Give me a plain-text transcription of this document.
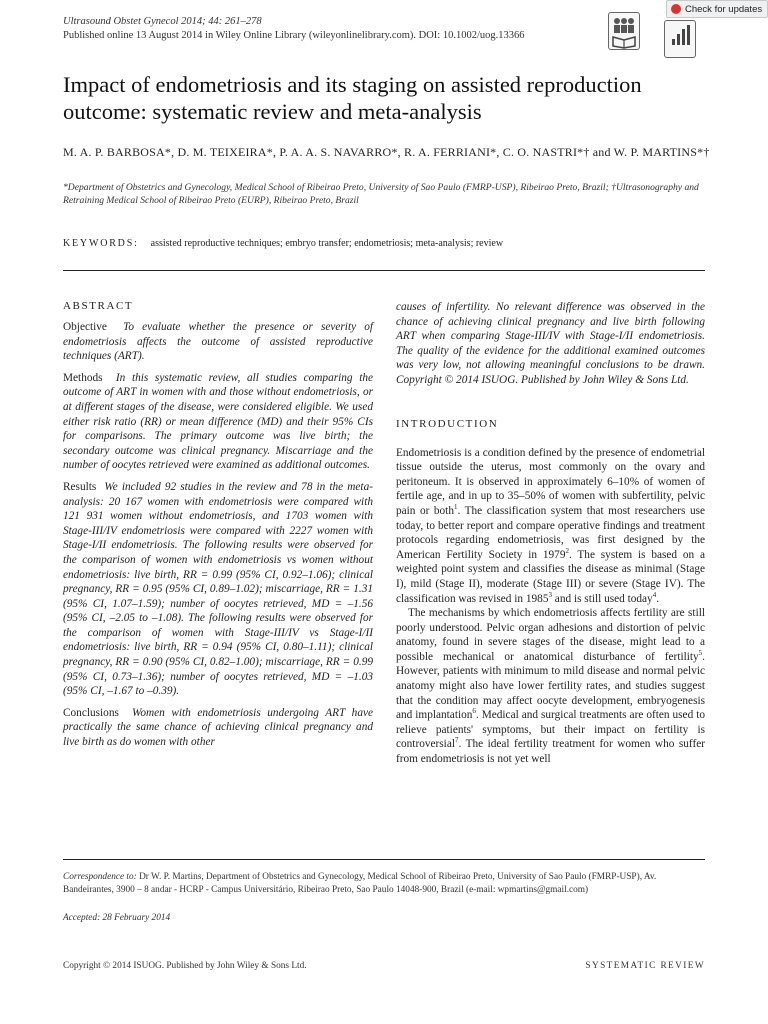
Ultrasound Obstet Gynecol 2014; 44: 261–278
Published online 13 August 2014 in Wiley Online Library (wileyonlinelibrary.com). DOI: 10.1002/uog.13366
Check for updates
Impact of endometriosis and its staging on assisted reproduction outcome: systematic review and meta-analysis
M. A. P. BARBOSA*, D. M. TEIXEIRA*, P. A. A. S. NAVARRO*, R. A. FERRIANI*, C. O. NASTRI*† and W. P. MARTINS*†
*Department of Obstetrics and Gynecology, Medical School of Ribeirao Preto, University of Sao Paulo (FMRP-USP), Ribeirao Preto, Brazil; †Ultrasonography and Retraining Medical School of Ribeirao Preto (EURP), Ribeirao Preto, Brazil
KEYWORDS: assisted reproductive techniques; embryo transfer; endometriosis; meta-analysis; review
ABSTRACT

Objective To evaluate whether the presence or severity of endometriosis affects the outcome of assisted reproductive techniques (ART).

Methods In this systematic review, all studies comparing the outcome of ART in women with and those without endometriosis, or at different stages of the disease, were considered eligible. We used either risk ratio (RR) or mean difference (MD) and their 95% CIs for comparisons. The primary outcome was live birth; the secondary outcome was clinical pregnancy. Miscarriage and the number of oocytes retrieved were examined as additional outcomes.

Results We included 92 studies in the review and 78 in the meta-analysis: 20 167 women with endometriosis were compared with 121 931 women without endometriosis, and 1703 women with Stage-III/IV endometriosis were compared with 2227 women with Stage-I/II endometriosis. The following results were observed for the comparison of women with endometriosis vs women without endometriosis: live birth, RR = 0.99 (95% CI, 0.92–1.06); clinical pregnancy, RR = 0.95 (95% CI, 0.89–1.02); miscarriage, RR = 1.31 (95% CI, 1.07–1.59); number of oocytes retrieved, MD = –1.56 (95% CI, –2.05 to –1.08). The following results were observed for the comparison of women with Stage-III/IV vs Stage-I/II endometriosis: live birth, RR = 0.94 (95% CI, 0.80–1.11); clinical pregnancy, RR = 0.90 (95% CI, 0.82–1.00); miscarriage, RR = 0.99 (95% CI, 0.73–1.36); number of oocytes retrieved, MD = –1.03 (95% CI, –1.67 to –0.39).

Conclusions Women with endometriosis undergoing ART have practically the same chance of achieving clinical pregnancy and live birth as do women with other

causes of infertility. No relevant difference was observed in the chance of achieving clinical pregnancy and live birth following ART when comparing Stage-III/IV with Stage-I/II endometriosis. The quality of the evidence for the additional examined outcomes was very low, not allowing meaningful conclusions to be drawn. Copyright © 2014 ISUOG. Published by John Wiley & Sons Ltd.

INTRODUCTION

Endometriosis is a condition defined by the presence of endometrial tissue outside the uterus, most commonly on the ovary and peritoneum. It is observed in approximately 6–10% of women of fertile age, and in up to 35–50% of women with subfertility, pelvic pain or both$^1$. The classification system that most researchers use today, to better report and compare operative findings and treatment protocols regarding endometriosis, was first designed by the American Fertility Society in 1979$^2$. The system is based on a weighted point system and classifies the disease as minimal (Stage I), mild (Stage II), moderate (Stage III) or severe (Stage IV). The classification was revised in 1985$^3$ and is still used today$^4$.

The mechanisms by which endometriosis affects fertility are still poorly understood. Pelvic organ adhesions and distortion of pelvic anatomy, found in severe stages of the disease, might lead to a possible mechanical or anatomical disturbance of fertility$^5$. However, patients with minimum to mild disease and normal pelvic anatomy might also have lower fertility rates, and studies suggest that the condition may affect oocyte development, embryogenesis and implantation$^6$. Medical and surgical treatments are often used to relieve patients' symptoms, but their impact on fertility is controversial$^7$. The ideal fertility treatment for women who suffer from endometriosis is not yet well

Correspondence to: Dr W. P. Martins, Department of Obstetrics and Gynecology, Medical School of Ribeirao Preto, University of Sao Paulo (FMRP-USP), Av. Bandeirantes, 3900 – 8 andar - HCRP - Campus Universitário, Ribeirao Preto, Sao Paulo 14048-900, Brazil (e-mail: wpmartins@gmail.com)
Accepted: 28 February 2014
Copyright © 2014 ISUOG. Published by John Wiley & Sons Ltd.	SYSTEMATIC REVIEW
